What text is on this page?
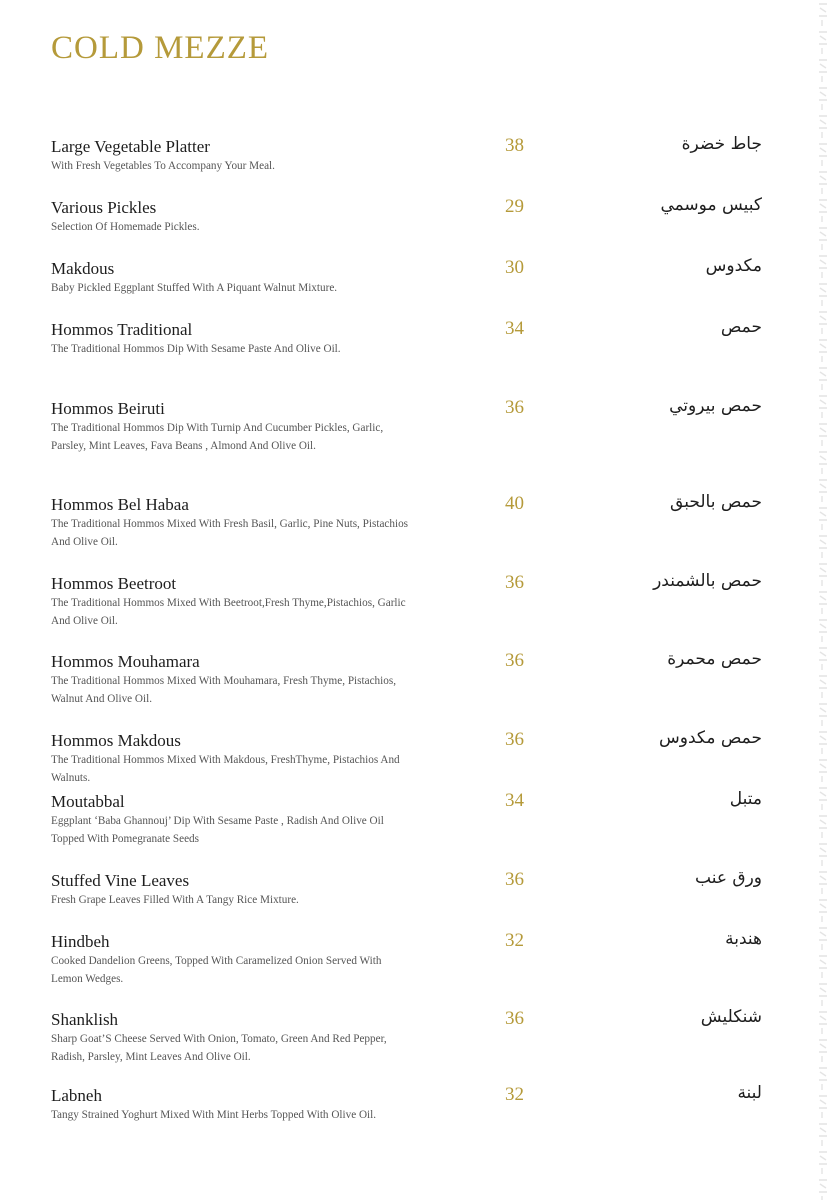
COLD MEZZE
Large Vegetable Platter
With Fresh Vegetables To Accompany Your Meal.
38	جاط خضرة
Various Pickles
Selection Of Homemade Pickles.
29	كبيس موسمي
Makdous
Baby Pickled Eggplant Stuffed With A Piquant Walnut Mixture.
30	مكدوس
Hommos Traditional
The Traditional Hommos Dip With Sesame Paste And Olive Oil.
34	حمص
Hommos Beiruti
The Traditional Hommos Dip With Turnip And Cucumber Pickles, Garlic, Parsley, Mint Leaves, Fava Beans , Almond And Olive Oil.
36	حمص بيروتي
Hommos Bel Habaa
The Traditional Hommos Mixed With Fresh Basil, Garlic, Pine Nuts, Pistachios And Olive Oil.
40	حمص بالحبق
Hommos Beetroot
The Traditional Hommos Mixed With Beetroot,Fresh Thyme,Pistachios, Garlic And Olive Oil.
36	حمص بالشمندر
Hommos Mouhamara
The Traditional Hommos Mixed With Mouhamara, Fresh Thyme, Pistachios, Walnut And Olive Oil.
36	حمص محمرة
Hommos Makdous
The Traditional Hommos Mixed With Makdous, FreshThyme, Pistachios And Walnuts.
36	حمص مكدوس
Moutabbal
Eggplant ‘Baba Ghannouj’ Dip With Sesame Paste , Radish And Olive Oil Topped With Pomegranate Seeds
34	متبل
Stuffed Vine Leaves
Fresh Grape Leaves Filled With A Tangy Rice Mixture.
36	ورق عنب
Hindbeh
Cooked Dandelion Greens, Topped With Caramelized Onion Served With Lemon Wedges.
32	هندبة
Shanklish
Sharp Goat’S Cheese Served With Onion, Tomato, Green And Red Pepper, Radish, Parsley, Mint Leaves And Olive Oil.
36	شنكليش
Labneh
Tangy Strained Yoghurt Mixed With Mint Herbs Topped With Olive Oil.
32	لبنة
